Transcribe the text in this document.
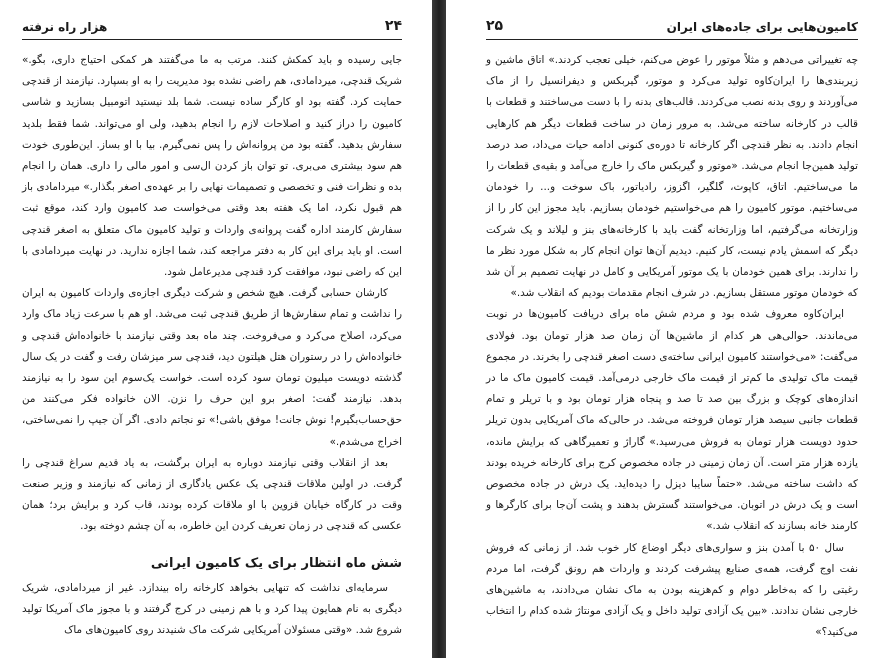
۲۴
هزار راه نرفته

جایی رسیده و باید کمکش کنند. مرتب به ما می‌گفتند هر کمکی احتیاج داری، بگو.» شریک قندچی، میردامادی، هم راضی نشده بود مدیریت را به او بسپارد. نیازمند از قندچی حمایت کرد. گفته بود او کارگر ساده نیست. شما بلد نیستید اتومبیل بسازید و شاسی کامیون را دراز کنید و اصلاحات لازم را انجام بدهید، ولی او می‌تواند. شما فقط بلدید سفارش بدهید. گفته بود من پروانه‌اش را پس نمی‌گیرم. بیا با او بساز. این‌طوری خودت هم سود بیشتری می‌بری. تو توان باز کردن ال‌سی و امور مالی را داری. همان را انجام بده و نظرات فنی و تخصصی و تصمیمات نهایی را بر عهده‌ی اصغر بگذار.» میردامادی باز هم قبول نکرد، اما یک هفته بعد وقتی می‌خواست صد کامیون وارد کند، موقع ثبت سفارش کارمند اداره گفت پروانه‌ی واردات و تولید کامیون ماک متعلق به اصغر قندچی است. او باید برای این کار به دفتر مراجعه کند، شما اجازه ندارید. در نهایت میردامادی با این که راضی نبود، موافقت کرد قندچی مدیرعامل شود.

کارشان حسابی گرفت. هیچ شخص و شرکت دیگری اجازه‌ی واردات کامیون به ایران را نداشت و تمام سفارش‌ها از طریق قندچی ثبت می‌شد. او هم با سرعت زیاد ماک وارد می‌کرد، اصلاح می‌کرد و می‌فروخت. چند ماه بعد وقتی نیازمند با خانواده‌اش قندچی و خانواده‌اش را در رستوران هتل هیلتون دید، قندچی سر میزشان رفت و گفت در یک سال گذشته دویست میلیون تومان سود کرده است. خواست یک‌سوم این سود را به نیازمند بدهد. نیازمند گفت: اصغر برو این حرف را نزن. الان خانواده فکر می‌کنند من حق‌حساب‌بگیرم! نوش جانت! موفق باشی!» تو نجاتم دادی. اگر آن جیپ را نمی‌ساختی، اخراج می‌شدم.»

بعد از انقلاب وقتی نیازمند دوباره به ایران برگشت، به یاد قدیم سراغ قندچی را گرفت. در اولین ملاقات قندچی یک عکس یادگاری از زمانی که نیازمند و وزیر صنعت وقت در کارگاه خیابان قزوین با او ملاقات کرده بودند، قاب کرد و برایش برد؛ همان عکسی که قندچی در زمان تعریف کردن این خاطره، به آن چشم دوخته بود.

شش ماه انتظار برای یک کامیون ایرانی

سرمایه‌ای نداشت که تنهایی بخواهد کارخانه راه بیندازد. غیر از میردامادی، شریک دیگری به نام همایون پیدا کرد و با هم زمینی در کرج گرفتند و با مجوز ماک آمریکا تولید شروع شد. «وقتی مسئولان آمریکایی شرکت ماک شنیدند روی کامیون‌های ماک

کامیون‌هایی برای جاده‌های ایران
۲۵

چه تغییراتی می‌دهم و مثلاً موتور را عوض می‌کنم، خیلی تعجب کردند.» اتاق ماشین و زیربندی‌ها را ایران‌کاوه تولید می‌کرد و موتور، گیربکس و دیفرانسیل را از ماک می‌آوردند و روی بدنه نصب می‌کردند. قالب‌های بدنه را با دست می‌ساختند و قطعات با قالب در کارخانه ساخته می‌شد. به مرور زمان در ساخت قطعات دیگر هم کارهایی انجام دادند. به نظر قندچی اگر کارخانه تا دوره‌ی کنونی ادامه حیات می‌داد، صد درصد تولید همین‌جا انجام می‌شد. «موتور و گیربکس ماک را خارج می‌آمد و بقیه‌ی قطعات را ما می‌ساختیم. اتاق، کاپوت، گلگیر، اگزوز، رادیاتور، باک سوخت و... را خودمان می‌ساختیم. موتور کامیون را هم می‌خواستیم خودمان بسازیم. باید مجوز این کار را از وزارتخانه می‌گرفتیم، اما وزارتخانه گفت باید با کارخانه‌های بنز و لیلاند و یک شرکت دیگر که اسمش یادم نیست، کار کنیم. دیدیم آن‌ها توان انجام کار به شکل مورد نظر ما را ندارند. برای همین خودمان با یک موتور آمریکایی و کامل در نهایت تصمیم بر آن شد که خودمان موتور مستقل بسازیم. در شرف انجام مقدمات بودیم که انقلاب شد.»

ایران‌کاوه معروف شده بود و مردم شش ماه برای دریافت کامیون‌ها در نوبت می‌ماندند. حوالی‌هی هر کدام از ماشین‌ها آن زمان صد هزار تومان بود. فولادی می‌گفت: «می‌خواستند کامیون ایرانی ساخته‌ی دست اصغر قندچی را بخرند. در مجموع قیمت ماک تولیدی ما کم‌تر از قیمت ماک خارجی درمی‌آمد. قیمت کامیون ماک ما در اندازه‌های کوچک و بزرگ بین صد تا صد و پنجاه هزار تومان بود و با تریلر و تمام قطعات جانبی سیصد هزار تومان فروخته می‌شد. در حالی‌که ماک آمریکایی بدون تریلر حدود دویست هزار تومان به فروش می‌رسید.» گاراژ و تعمیرگاهی که برایش مانده، یازده هزار متر است. آن زمان زمینی در جاده مخصوص کرج برای کارخانه خریده بودند که داشت ساخته می‌شد. «حتماً سایبا دیزل را دیده‌اید. یک درش در جاده مخصوص است و یک درش در اتوبان. می‌خواستند گسترش بدهند و پشت آن‌جا برای کارگرها و کارمند خانه بسازند که انقلاب شد.»

سال ۵۰ با آمدن بنز و سواری‌های دیگر اوضاع کار خوب شد. از زمانی که فروش نفت اوج گرفت، همه‌ی صنایع پیشرفت کردند و واردات هم رونق گرفت، اما مردم رغبتی را که به‌خاطر دوام و کم‌هزینه بودن به ماک نشان می‌دادند، به ماشین‌های خارجی نشان ندادند. «بین یک آزادی تولید داخل و یک آزادی مونتاژ شده کدام را انتخاب می‌کنید؟»
